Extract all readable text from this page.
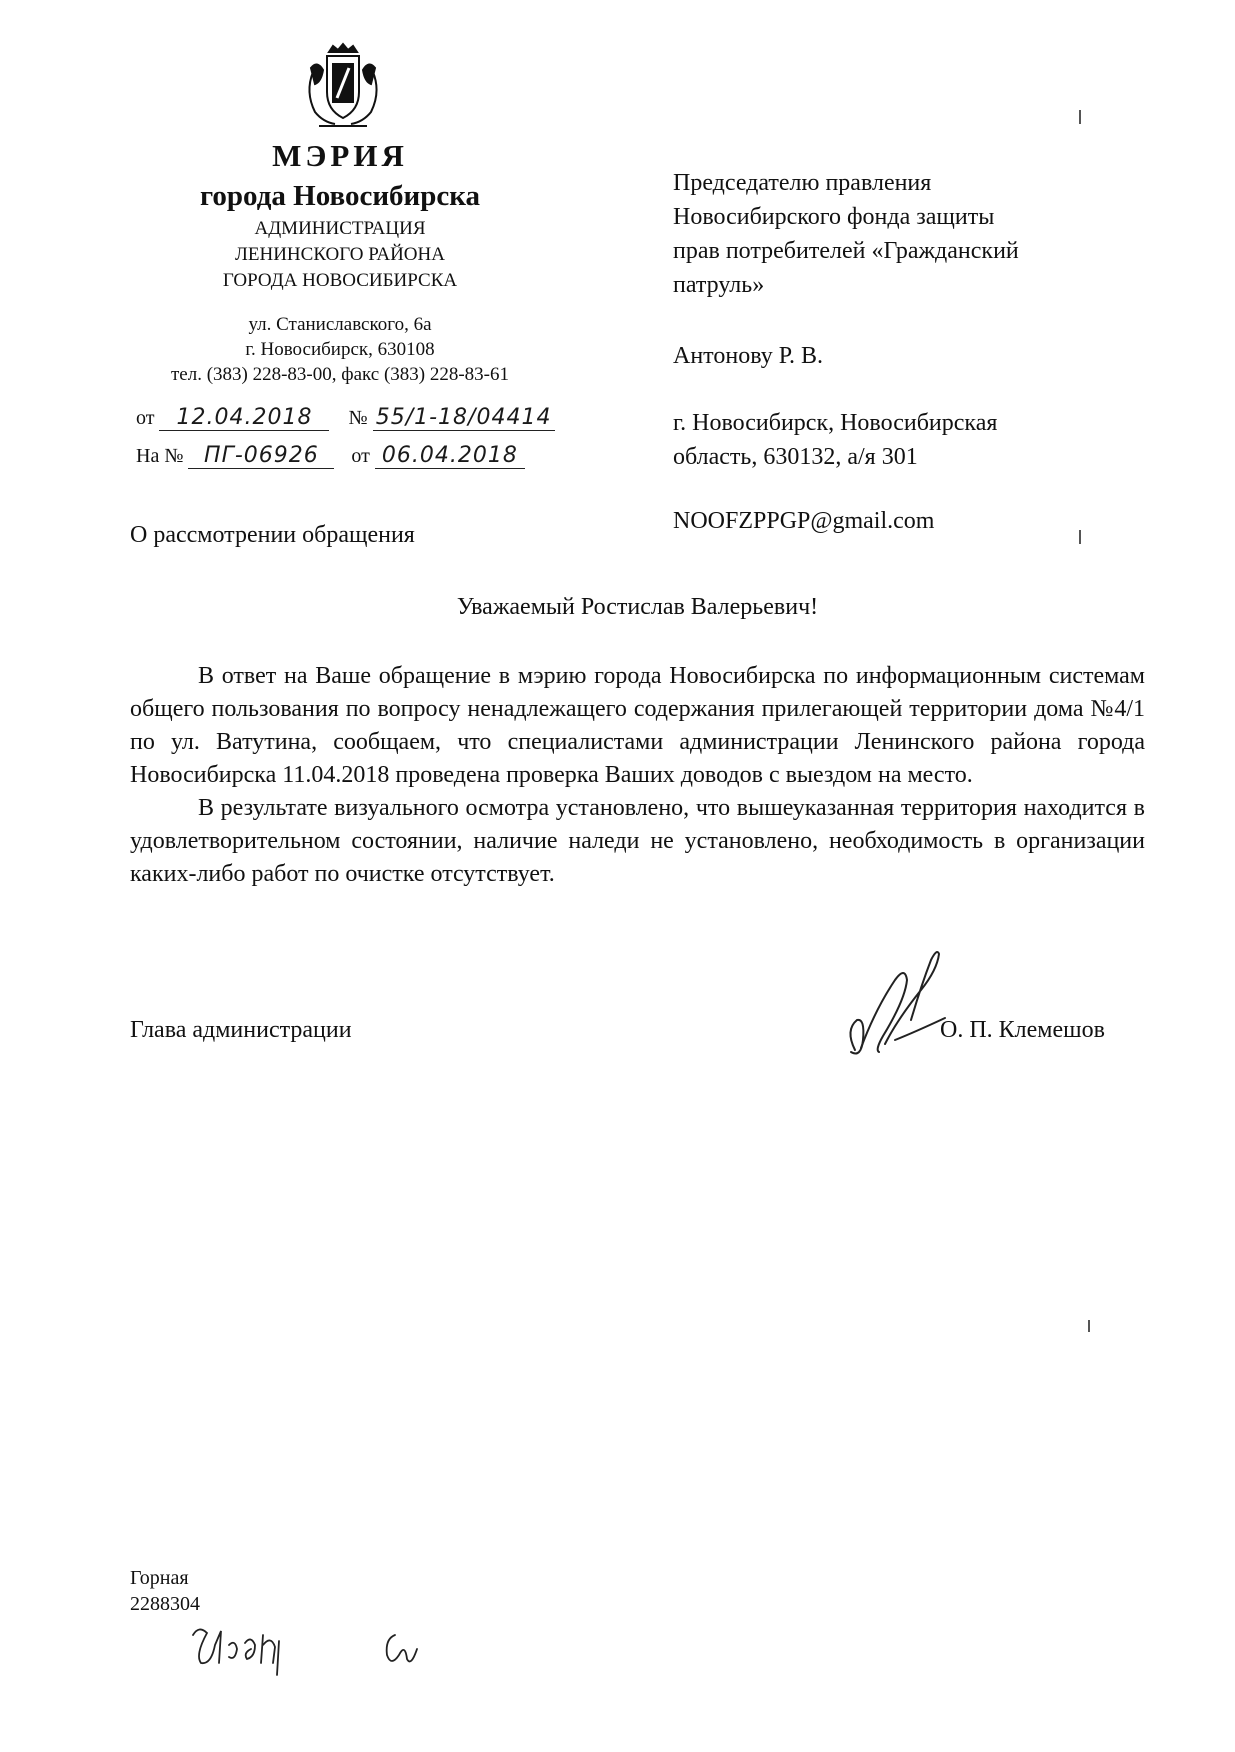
МЭРИЯ
города Новосибирска
АДМИНИСТРАЦИЯ
ЛЕНИНСКОГО РАЙОНА
ГОРОДА НОВОСИБИРСКА
ул. Станиславского, 6а
г. Новосибирск, 630108
тел. (383) 228-83-00, факс (383) 228-83-61
от 12.04.2018 № 55/1-18/04414
На № ПГ-06926 от 06.04.2018
Председателю правления
Новосибирского фонда защиты
прав потребителей «Гражданский
патруль»
Антонову Р. В.
г. Новосибирск, Новосибирская
область, 630132, а/я 301
NOOFZPPGP@gmail.com
О рассмотрении обращения
Уважаемый Ростислав Валерьевич!

В ответ на Ваше обращение в мэрию города Новосибирска по информационным системам общего пользования по вопросу ненадлежащего содержания прилегающей территории дома №4/1 по ул. Ватутина, сообщаем, что специалистами администрации Ленинского района города Новосибирска 11.04.2018 проведена проверка Ваших доводов с выездом на место.

В результате визуального осмотра установлено, что вышеуказанная территория находится в удовлетворительном состоянии, наличие наледи не установлено, необходимость в организации каких-либо работ по очистке отсутствует.

Глава администрации	О. П. Клемешов
Горная
2288304
